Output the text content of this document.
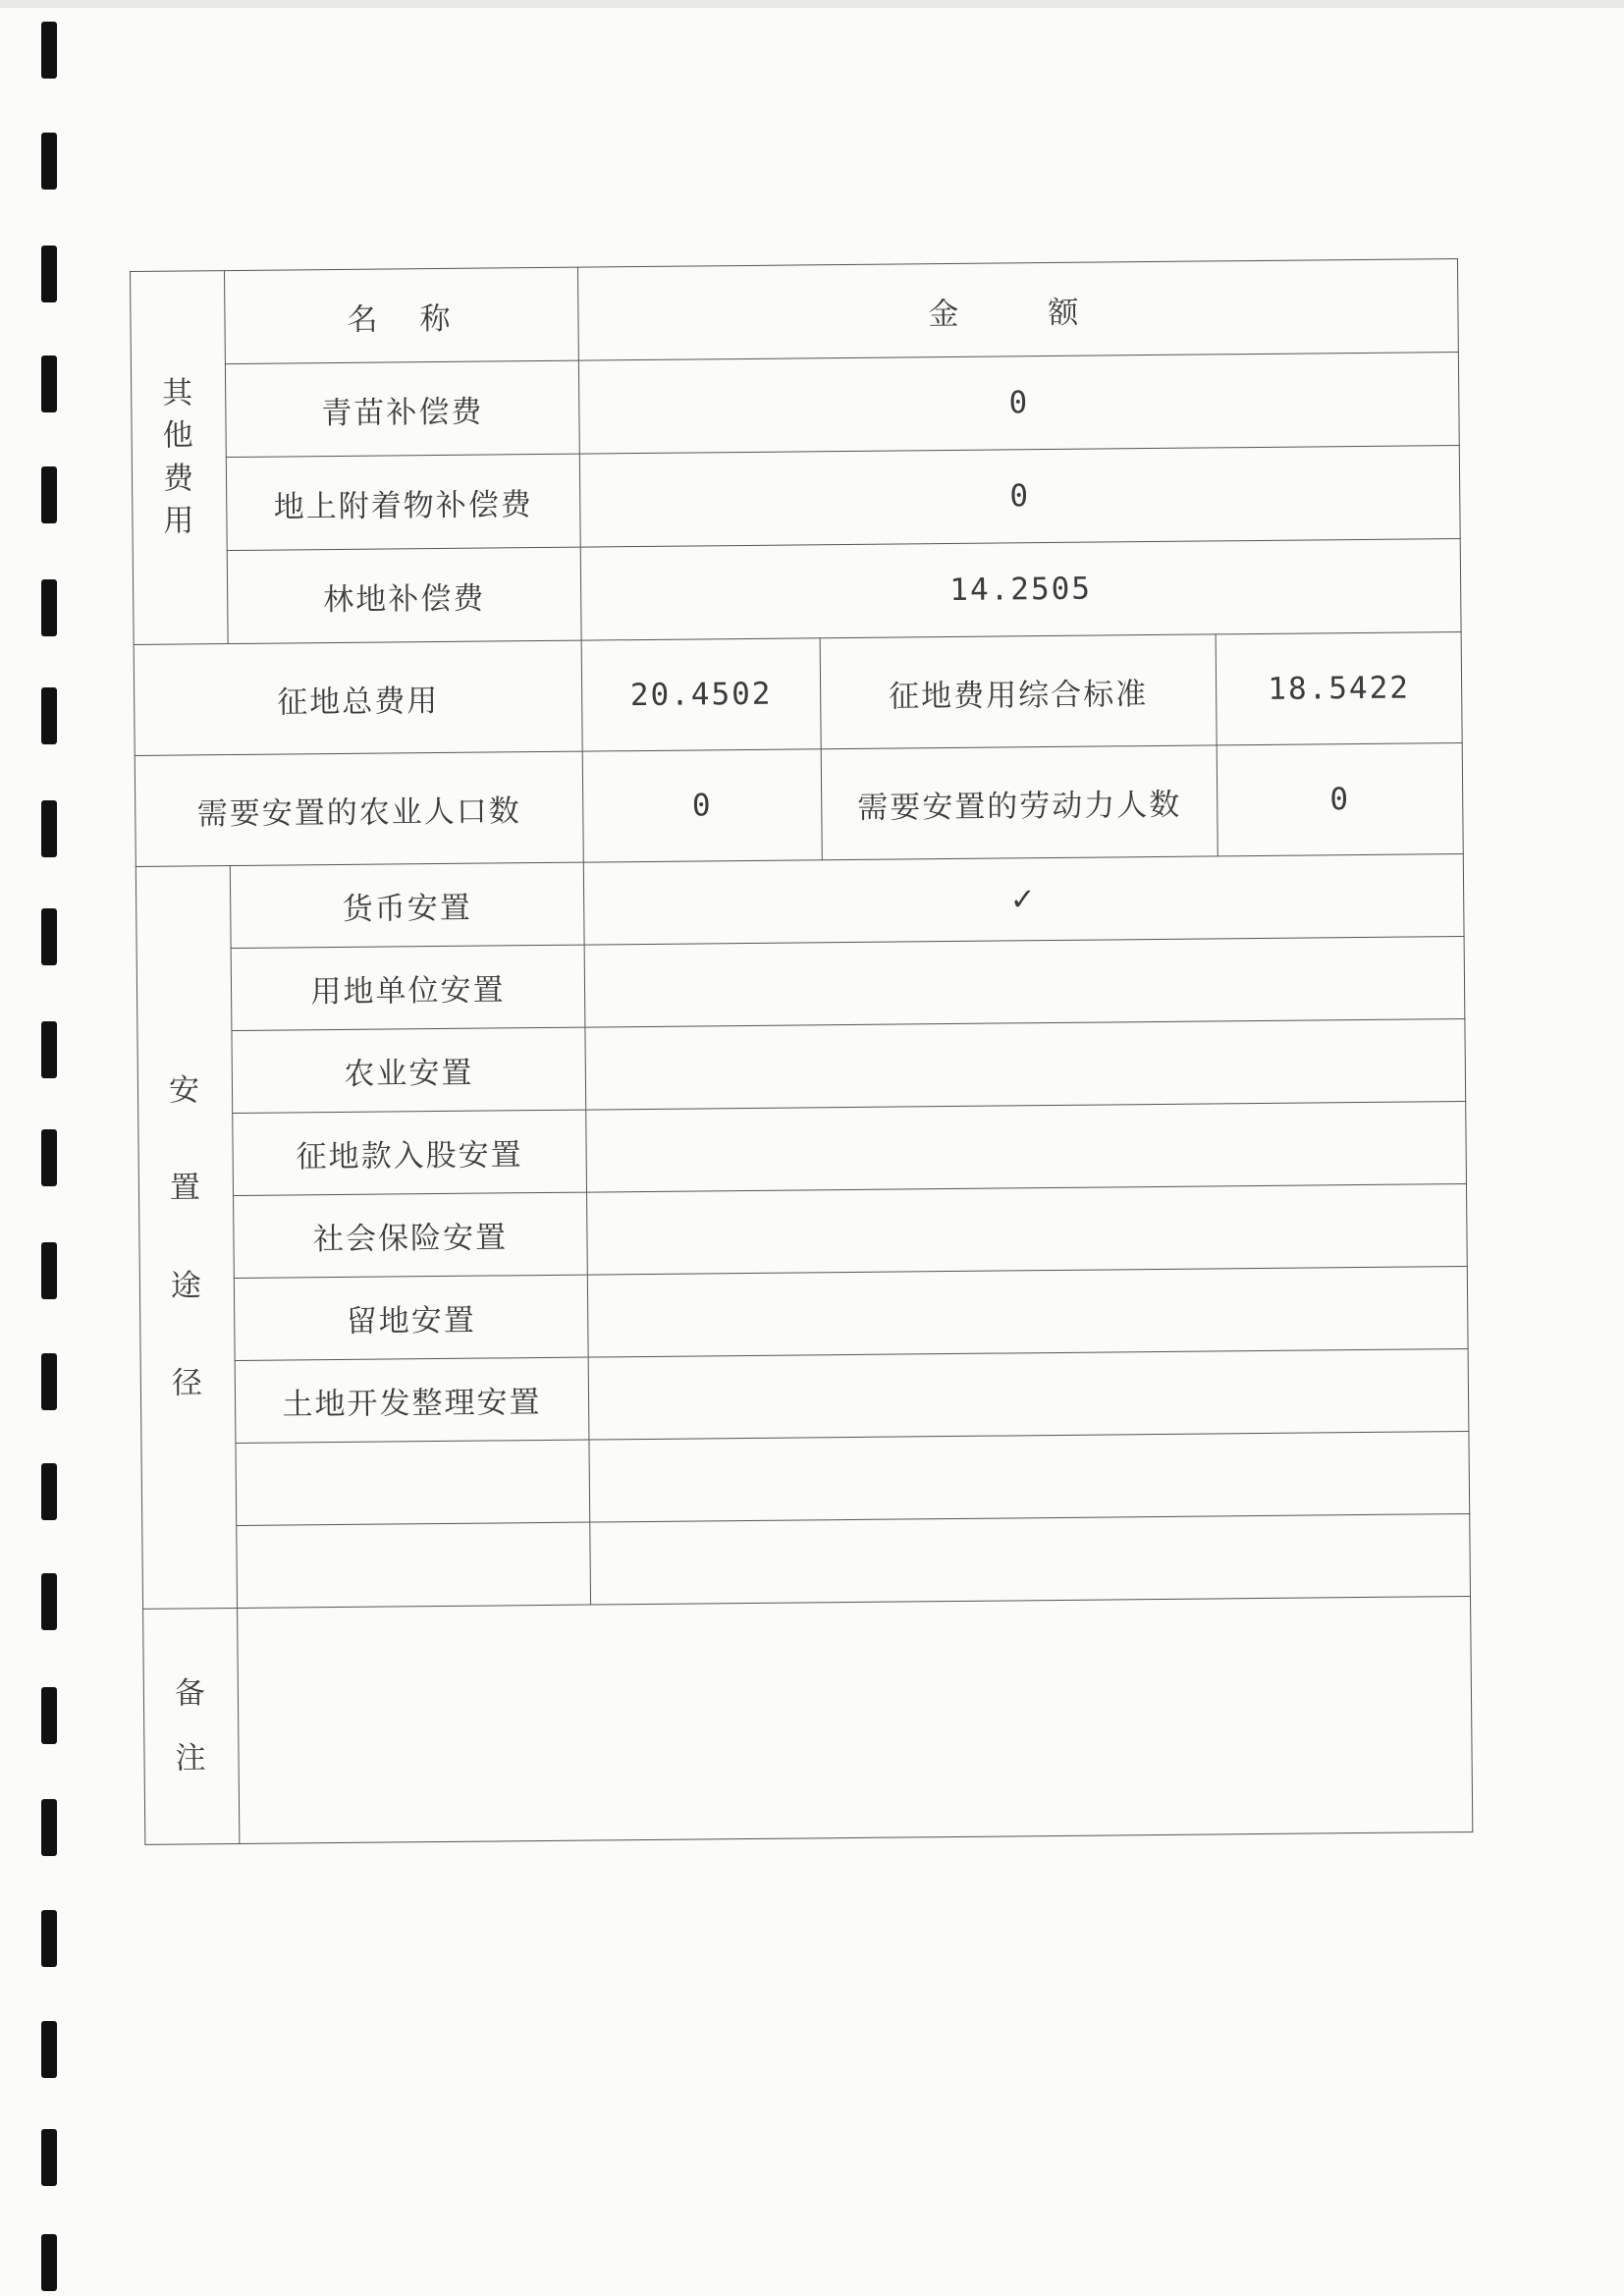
其
他
费
用	名　称	金　额		
	青苗补偿费	0		
	地上附着物补偿费	0		
	林地补偿费	14.2505		
征地总费用		20.4502	征地费用综合标准	18.5422
需要安置的农业人口数		0	需要安置的劳动力人数	0

安
置
途
径	货币安置	✓		
	用地单位安置			
	农业安置			
	征地款入股安置			
	社会保险安置			
	留地安置			
	土地开发整理安置			

备
注				
